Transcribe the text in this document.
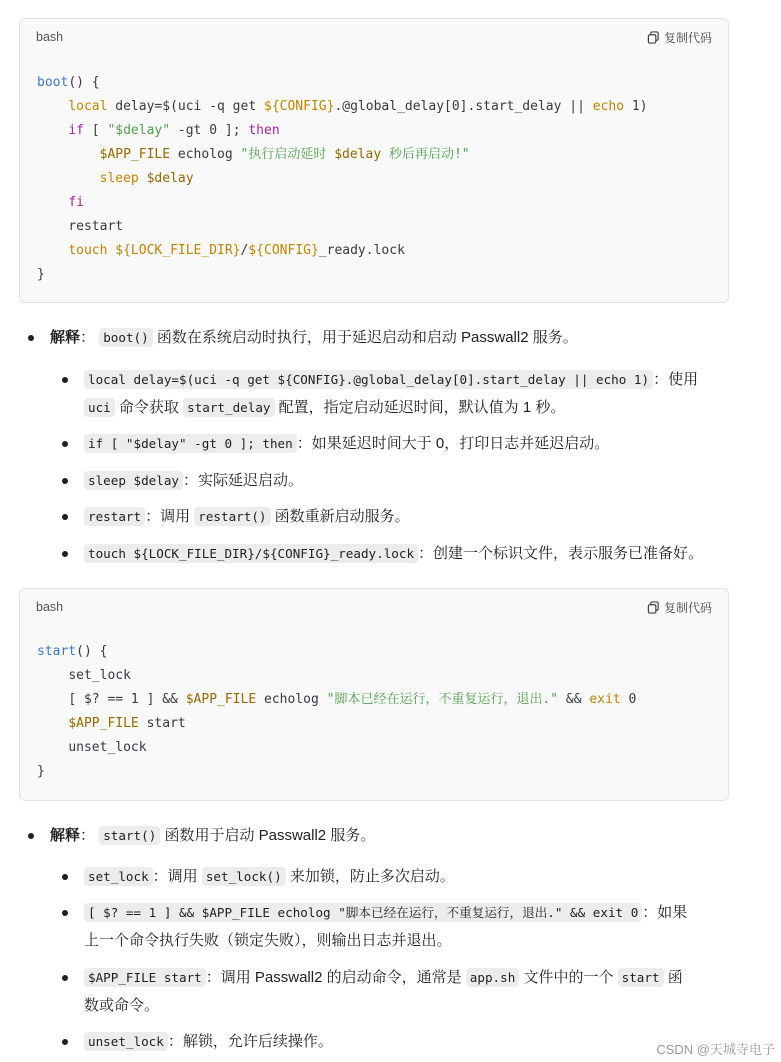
bash	复制代码
boot() {
local delay=$(uci -q get ${CONFIG}.@global_delay[0].start_delay || echo 1)
if [ "$delay" -gt 0 ]; then
$APP_FILE echolog "执行启动延时 $delay 秒后再启动!"
sleep $delay
fi
restart
touch ${LOCK_FILE_DIR}/${CONFIG}_ready.lock
}
解释： boot() 函数在系统启动时执行，用于延迟启动和启动 Passwall2 服务。
local delay=$(uci -q get ${CONFIG}.@global_delay[0].start_delay || echo 1) ：使用
uci 命令获取 start_delay 配置，指定启动延迟时间，默认值为 1 秒。
if [ "$delay" -gt 0 ]; then ：如果延迟时间大于 0，打印日志并延迟启动。
sleep $delay ：实际延迟启动。
restart ：调用 restart() 函数重新启动服务。
touch ${LOCK_FILE_DIR}/${CONFIG}_ready.lock ：创建一个标识文件，表示服务已准备好。
bash	复制代码
start() {
set_lock
[ $? == 1 ] && $APP_FILE echolog "脚本已经在运行，不重复运行，退出." && exit 0
$APP_FILE start
unset_lock
}
解释： start() 函数用于启动 Passwall2 服务。
set_lock ：调用 set_lock() 来加锁，防止多次启动。
[ $? == 1 ] && $APP_FILE echolog "脚本已经在运行，不重复运行，退出." && exit 0 ：如果
上一个命令执行失败（锁定失败），则输出日志并退出。
$APP_FILE start ：调用 Passwall2 的启动命令，通常是 app.sh 文件中的一个 start 函
数或命令。
unset_lock ：解锁，允许后续操作。	CSDN @天城寺电子
